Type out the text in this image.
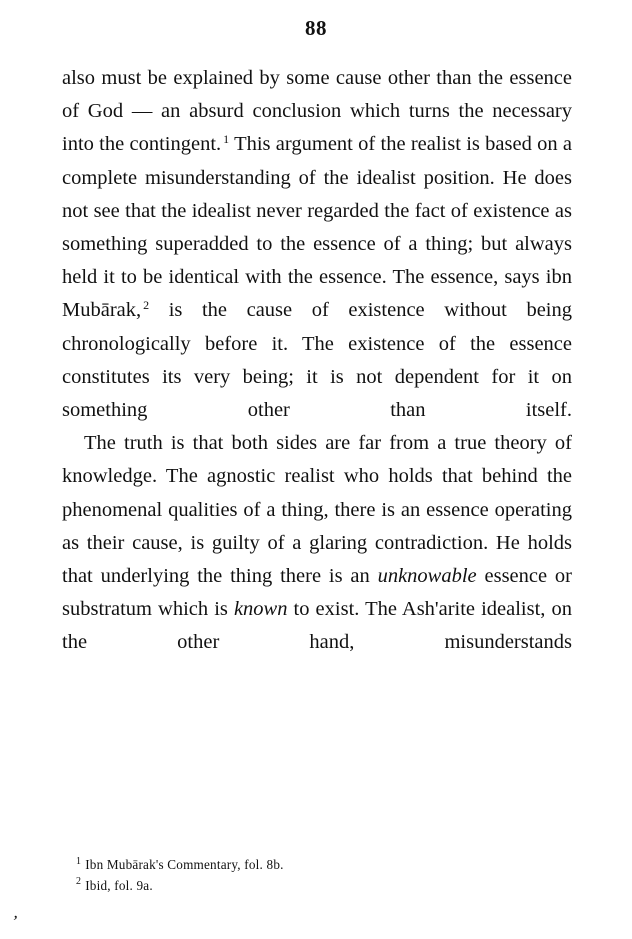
88

also must be explained by some cause other than the essence of God — an absurd conclusion which turns the necessary into the contingent. $^1$ This argument of the realist is based on a complete misunderstanding of the idealist position. He does not see that the idealist never regarded the fact of existence as something superadded to the essence of a thing; but always held it to be identical with the essence. The essence, says ibn Mubārak, $^2$ is the cause of existence without being chronologically before it. The existence of the essence constitutes its very being; it is not dependent for it on something other than itself.

The truth is that both sides are far from a true theory of knowledge. The agnostic realist who holds that behind the phenomenal qualities of a thing, there is an essence operating as their cause, is guilty of a glaring contradiction. He holds that underlying the thing there is an unknowable essence or substratum which is known to exist. The Ash'arite idealist, on the other hand, misunderstands

$^1$ Ibn Mubārak's Commentary, fol. 8b.

$^2$ Ibid, fol. 9a.

ʼ
